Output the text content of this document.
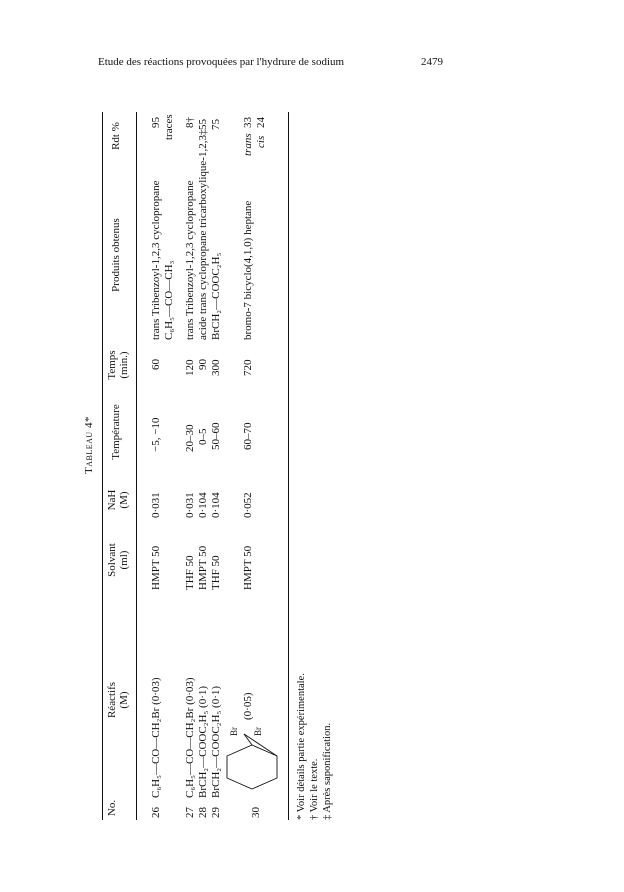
Etude des réactions provoquées par l'hydrure de sodium	2479
Tableau 4*
No.
Réactifs (M)
Solvant (ml)
NaH (M)
Température
Temps (min.)
Produits obtenus
Rdt %
26
C₆H₅—CO—CH₂Br (0·03)
HMPT 50
0·031
−5, −10
60
trans Tribenzoyl-1,2,3 cyclopropane C₆H₅—CO—CH₃
95 traces
27
C₆H₅—CO—CH₂Br (0·03)
THF 50
0·031
20–30
120
trans Tribenzoyl-1,2,3 cyclopropane
8†
28
BrCH₂—COOC₂H₅ (0·1)
HMPT 50
0·104
0–5
90
acide trans cyclopropane tricarboxylique-1,2,3‡
55
29
BrCH₂—COOC₂H₅ (0·1)
THF 50
0·104
50–60
300
BrCH₂—COOC₂H₅
75
30
Br Br
(0·05)
HMPT 50
0·052
60–70
720
bromo-7 bicyclo(4,1,0) heptane
trans cis
33 24
* Voir détails partie expérimentale. † Voir le texte. ‡ Après saponification.
